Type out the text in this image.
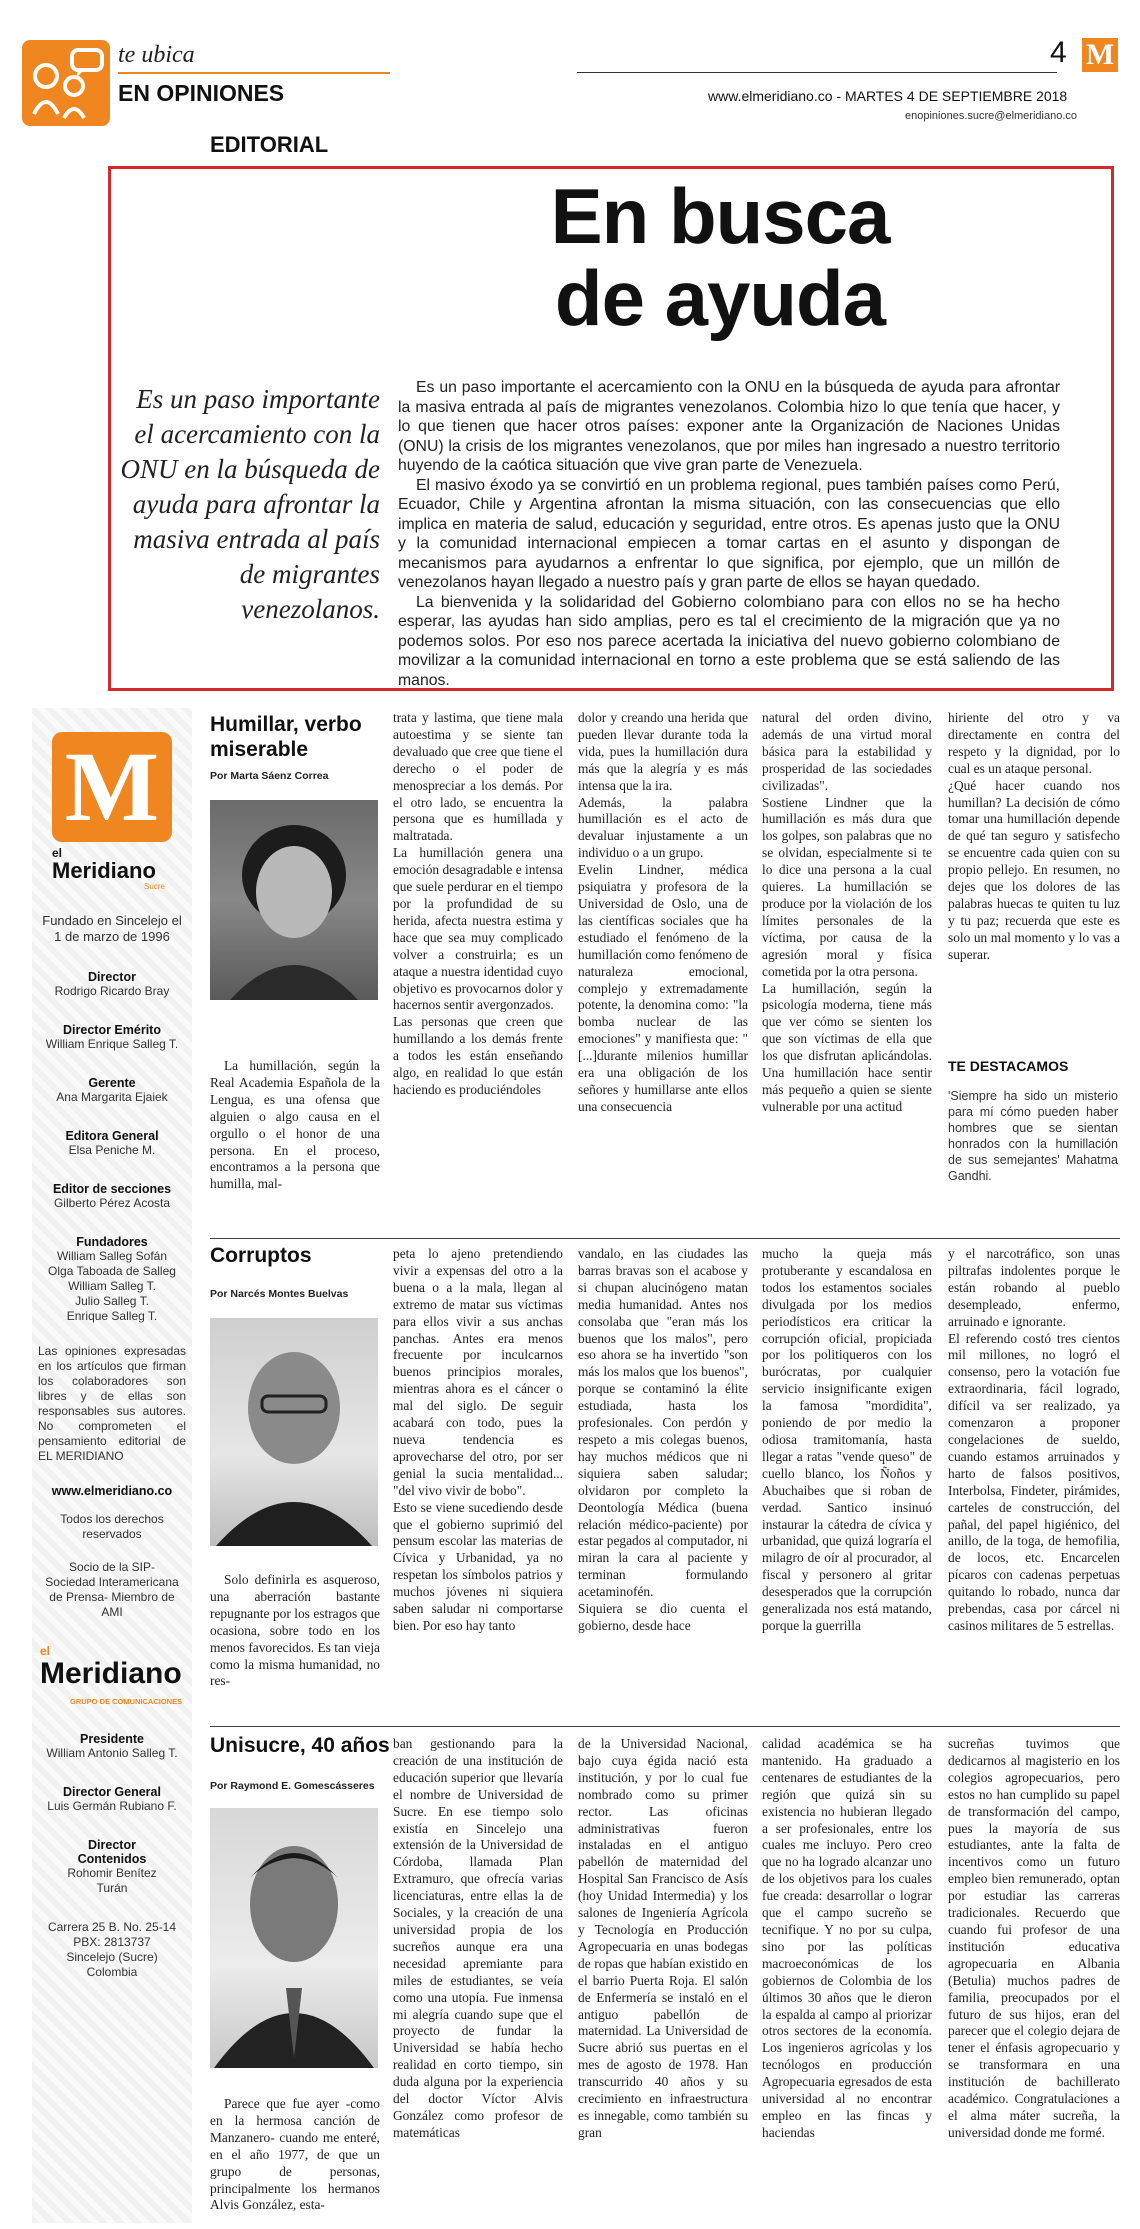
te ubica
EN OPINIONES
4 M
www.elmeridiano.co - MARTES 4 DE SEPTIEMBRE 2018
enopiniones.sucre@elmeridiano.co
EDITORIAL
En busca
de ayuda
Es un paso importante el acercamiento con la ONU en la búsqueda de ayuda para afrontar la masiva entrada al país de migrantes venezolanos.

Es un paso importante el acercamiento con la ONU en la búsqueda de ayuda para afrontar la masiva entrada al país de migrantes venezolanos. Colombia hizo lo que tenía que hacer, y lo que tienen que hacer otros países: exponer ante la Organización de Naciones Unidas (ONU) la crisis de los migrantes venezolanos, que por miles han ingresado a nuestro territorio huyendo de la caótica situación que vive gran parte de Venezuela.

El masivo éxodo ya se convirtió en un problema regional, pues también países como Perú, Ecuador, Chile y Argentina afrontan la misma situación, con las consecuencias que ello implica en materia de salud, educación y seguridad, entre otros. Es apenas justo que la ONU y la comunidad internacional empiecen a tomar cartas en el asunto y dispongan de mecanismos para ayudarnos a enfrentar lo que significa, por ejemplo, que un millón de venezolanos hayan llegado a nuestro país y gran parte de ellos se hayan quedado.

La bienvenida y la solidaridad del Gobierno colombiano para con ellos no se ha hecho esperar, las ayudas han sido amplias, pero es tal el crecimiento de la migración que ya no podemos solos. Por eso nos parece acertada la iniciativa del nuevo gobierno colombiano de movilizar a la comunidad internacional en torno a este problema que se está saliendo de las manos.

M
el
Meridiano
Sucre
Fundado en Sincelejo el 1 de marzo de 1996
Director
Rodrigo Ricardo Bray
Director Emérito
William Enrique Salleg T.
Gerente
Ana Margarita Ejaiek
Editora General
Elsa Peniche M.
Editor de secciones
Gilberto Pérez Acosta
Fundadores
William Salleg Sofán
Olga Taboada de Salleg
William Salleg T.
Julio Salleg T.
Enrique Salleg T.
Las opiniones expresadas en los artículos que firman los colaboradores son libres y de ellas son responsables sus autores. No comprometen el pensamiento editorial de EL MERIDIANO
www.elmeridiano.co
Todos los derechos reservados
Socio de la SIP- Sociedad Interamericana de Prensa- Miembro de AMI
el
Meridiano
GRUPO DE COMUNICACIONES
Presidente
William Antonio Salleg T.
Director General
Luis Germán Rubiano F.
Director Contenidos
Rohomir Benítez Turán
Carrera 25 B. No. 25-14
PBX: 2813737
Sincelejo (Sucre)
Colombia
Humillar, verbo miserable
Por Marta Sáenz Correa

La humillación, según la Real Academia Española de la Lengua, es una ofensa que alguien o algo causa en el orgullo o el honor de una persona. En el proceso, encontramos a la persona que humilla, mal-

trata y lastima, que tiene mala autoestima y se siente tan devaluado que cree que tiene el derecho o el poder de menospreciar a los demás. Por el otro lado, se encuentra la persona que es humillada y maltratada.
La humillación genera una emoción desagradable e intensa que suele perdurar en el tiempo por la profundidad de su herida, afecta nuestra estima y hace que sea muy complicado volver a construirla; es un ataque a nuestra identidad cuyo objetivo es provocarnos dolor y hacernos sentir avergonzados.
Las personas que creen que humillando a los demás frente a todos les están enseñando algo, en realidad lo que están haciendo es produciéndoles
dolor y creando una herida que pueden llevar durante toda la vida, pues la humillación dura más que la alegría y es más intensa que la ira.
Además, la palabra humillación es el acto de devaluar injustamente a un individuo o a un grupo.
Evelin Lindner, médica psiquiatra y profesora de la Universidad de Oslo, una de las científicas sociales que ha estudiado el fenómeno de la humillación como fenómeno de naturaleza emocional, complejo y extremadamente potente, la denomina como: "la bomba nuclear de las emociones" y manifiesta que: "[...]durante milenios humillar era una obligación de los señores y humillarse ante ellos una consecuencia
natural del orden divino, además de una virtud moral básica para la estabilidad y prosperidad de las sociedades civilizadas".
Sostiene Lindner que la humillación es más dura que los golpes, son palabras que no se olvidan, especialmente si te lo dice una persona a la cual quieres. La humillación se produce por la violación de los límites personales de la víctima, por causa de la agresión moral y física cometida por la otra persona.
La humillación, según la psicología moderna, tiene más que ver cómo se sienten los que son víctimas de ella que los que disfrutan aplicándolas. Una humillación hace sentir más pequeño a quien se siente vulnerable por una actitud
hiriente del otro y va directamente en contra del respeto y la dignidad, por lo cual es un ataque personal.
¿Qué hacer cuando nos humillan? La decisión de cómo tomar una humillación depende de qué tan seguro y satisfecho se encuentre cada quien con su propio pellejo. En resumen, no dejes que los dolores de las palabras huecas te quiten tu luz y tu paz; recuerda que este es solo un mal momento y lo vas a superar.
TE DESTACAMOS
'Siempre ha sido un misterio para mí cómo pueden haber hombres que se sientan honrados con la humillación de sus semejantes' Mahatma Gandhi.
Corruptos
Por Narcés Montes Buelvas

Solo definirla es asqueroso, una aberración bastante repugnante por los estragos que ocasiona, sobre todo en los menos favorecidos. Es tan vieja como la misma humanidad, no res-

peta lo ajeno pretendiendo vivir a expensas del otro a la buena o a la mala, llegan al extremo de matar sus víctimas para ellos vivir a sus anchas panchas. Antes era menos frecuente por inculcarnos buenos principios morales, mientras ahora es el cáncer o mal del siglo. De seguir acabará con todo, pues la nueva tendencia es aprovecharse del otro, por ser genial la sucia mentalidad... "del vivo vivir de bobo".
Esto se viene sucediendo desde que el gobierno suprimió del pensum escolar las materias de Cívica y Urbanidad, ya no respetan los símbolos patrios y muchos jóvenes ni siquiera saben saludar ni comportarse bien. Por eso hay tanto
vandalo, en las ciudades las barras bravas son el acabose y si chupan alucinógeno matan media humanidad. Antes nos consolaba que "eran más los buenos que los malos", pero eso ahora se ha invertido "son más los malos que los buenos", porque se contaminó la élite estudiada, hasta los profesionales. Con perdón y respeto a mis colegas buenos, hay muchos médicos que ni siquiera saben saludar; olvidaron por completo la Deontología Médica (buena relación médico-paciente) por estar pegados al computador, ni miran la cara al paciente y terminan formulando acetaminofén.
Siquiera se dio cuenta el gobierno, desde hace
mucho la queja más protuberante y escandalosa en todos los estamentos sociales divulgada por los medios periodísticos era criticar la corrupción oficial, propiciada por los politiqueros con los burócratas, por cualquier servicio insignificante exigen la famosa "mordidita", poniendo de por medio la odiosa tramitomanía, hasta llegar a ratas "vende queso" de cuello blanco, los Ñoños y Abuchaibes que si roban de verdad. Santico insinuó instaurar la cátedra de cívica y urbanidad, que quizá lograría el milagro de oír al procurador, al fiscal y personero al gritar desesperados que la corrupción generalizada nos está matando, porque la guerrilla
y el narcotráfico, son unas piltrafas indolentes porque le están robando al pueblo desempleado, enfermo, arruinado e ignorante.
El referendo costó tres cientos mil millones, no logró el consenso, pero la votación fue extraordinaria, fácil logrado, difícil va ser realizado, ya comenzaron a proponer congelaciones de sueldo, cuando estamos arruinados y harto de falsos positivos, Interbolsa, Findeter, pirámides, carteles de construcción, del pañal, del papel higiénico, del anillo, de la toga, de hemofilia, de locos, etc. Encarcelen pícaros con cadenas perpetuas quitando lo robado, nunca dar prebendas, casa por cárcel ni casinos militares de 5 estrellas.
Unisucre, 40 años
Por Raymond E. Gomescásseres

Parece que fue ayer -como en la hermosa canción de Manzanero- cuando me enteré, en el año 1977, de que un grupo de personas, principalmente los hermanos Alvis González, esta-

ban gestionando para la creación de una institución de educación superior que llevaría el nombre de Universidad de Sucre. En ese tiempo solo existía en Sincelejo una extensión de la Universidad de Córdoba, llamada Plan Extramuro, que ofrecía varias licenciaturas, entre ellas la de Sociales, y la creación de una universidad propia de los sucreños aunque era una necesidad apremiante para miles de estudiantes, se veía como una utopía. Fue inmensa mi alegría cuando supe que el proyecto de fundar la Universidad se había hecho realidad en corto tiempo, sin duda alguna por la experiencia del doctor Víctor Alvis González como profesor de matemáticas
de la Universidad Nacional, bajo cuya égida nació esta institución, y por lo cual fue nombrado como su primer rector. Las oficinas administrativas fueron instaladas en el antiguo pabellón de maternidad del Hospital San Francisco de Asís (hoy Unidad Intermedia) y los salones de Ingeniería Agrícola y Tecnología en Producción Agropecuaria en unas bodegas de ropas que habían existido en el barrio Puerta Roja. El salón de Enfermería se instaló en el antiguo pabellón de maternidad. La Universidad de Sucre abrió sus puertas en el mes de agosto de 1978. Han transcurrido 40 años y su crecimiento en infraestructura es innegable, como también su gran
calidad académica se ha mantenido. Ha graduado a centenares de estudiantes de la región que quizá sin su existencia no hubieran llegado a ser profesionales, entre los cuales me incluyo. Pero creo que no ha logrado alcanzar uno de los objetivos para los cuales fue creada: desarrollar o lograr que el campo sucreño se tecnifique. Y no por su culpa, sino por las políticas macroeconómicas de los gobiernos de Colombia de los últimos 30 años que le dieron la espalda al campo al priorizar otros sectores de la economía. Los ingenieros agrícolas y los tecnólogos en producción Agropecuaria egresados de esta universidad al no encontrar empleo en las fincas y haciendas
sucreñas tuvimos que dedicarnos al magisterio en los colegios agropecuarios, pero estos no han cumplido su papel de transformación del campo, pues la mayoría de sus estudiantes, ante la falta de incentivos como un futuro empleo bien remunerado, optan por estudiar las carreras tradicionales. Recuerdo que cuando fui profesor de una institución educativa agropecuaria en Albania (Betulia) muchos padres de familia, preocupados por el futuro de sus hijos, eran del parecer que el colegio dejara de tener el énfasis agropecuario y se transformara en una institución de bachillerato académico. Congratulaciones a el alma máter sucreña, la universidad donde me formé.
